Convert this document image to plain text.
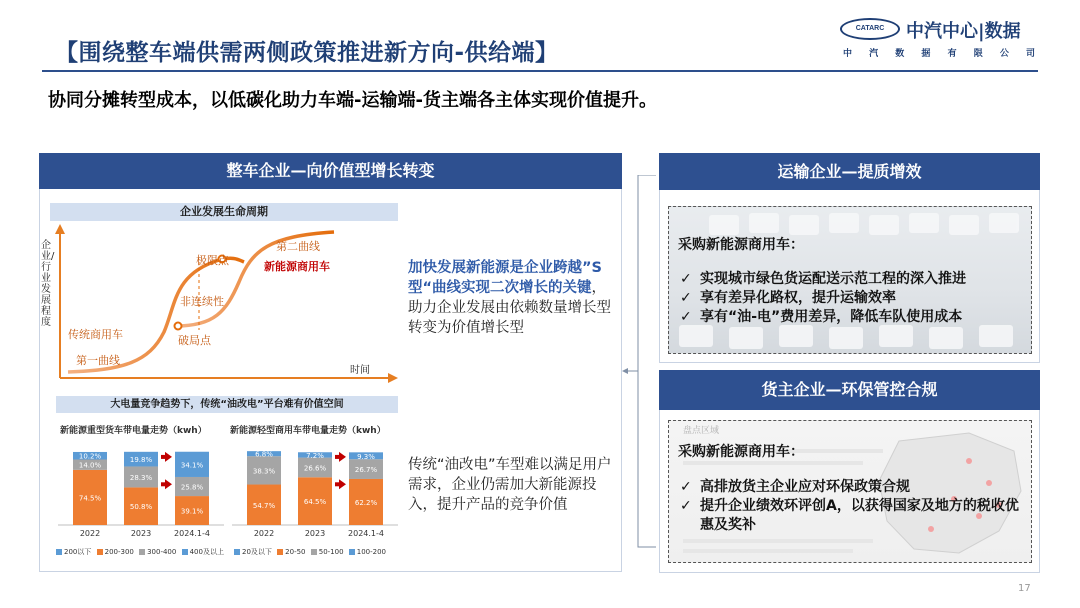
【围绕整车端供需两侧政策推进新方向-供给端】
CATARC	中汽中心|数据
中 汽 数 据 有 限 公 司
协同分摊转型成本，以低碳化助力车端-运输端-货主端各主体实现价值提升。
整车企业—向价值型增长转变
企业发展生命周期
企业/行业发展程度
第一曲线
传统商用车
极限点
非连续性
破局点
第二曲线
新能源商用车
时间
加快发展新能源是企业跨越”S型“曲线实现二次增长的关键，助力企业发展由依赖数量增长型转变为价值增长型
大电量竞争趋势下，传统“油改电”平台难有价值空间
新能源重型货车带电量走势（kwh）	新能源轻型商用车带电量走势（kwh）
74.5%
14.0%
10.2%
2022
50.8%
28.3%
19.8%
2023
39.1%
25.8%
34.1%
2024.1-4
54.7%
38.3%
6.8%
2022
64.5%
26.6%
7.2%
2023
62.2%
26.7%
9.3%
2024.1-4
200以下 200-300 300-400 400及以上	20及以下 20-50 50-100 100-200
传统“油改电”车型难以满足用户需求，企业仍需加大新能源投入，提升产品的竞争价值
运输企业—提质增效
采购新能源商用车：
✓ 实现城市绿色货运配送示范工程的深入推进
✓ 享有差异化路权，提升运输效率
✓ 享有“油-电”费用差异，降低车队使用成本
货主企业—环保管控合规
盘点区域
采购新能源商用车：
✓ 高排放货主企业应对环保政策合规
✓ 提升企业绩效环评创A，以获得国家及地方的税收优惠及奖补
17
